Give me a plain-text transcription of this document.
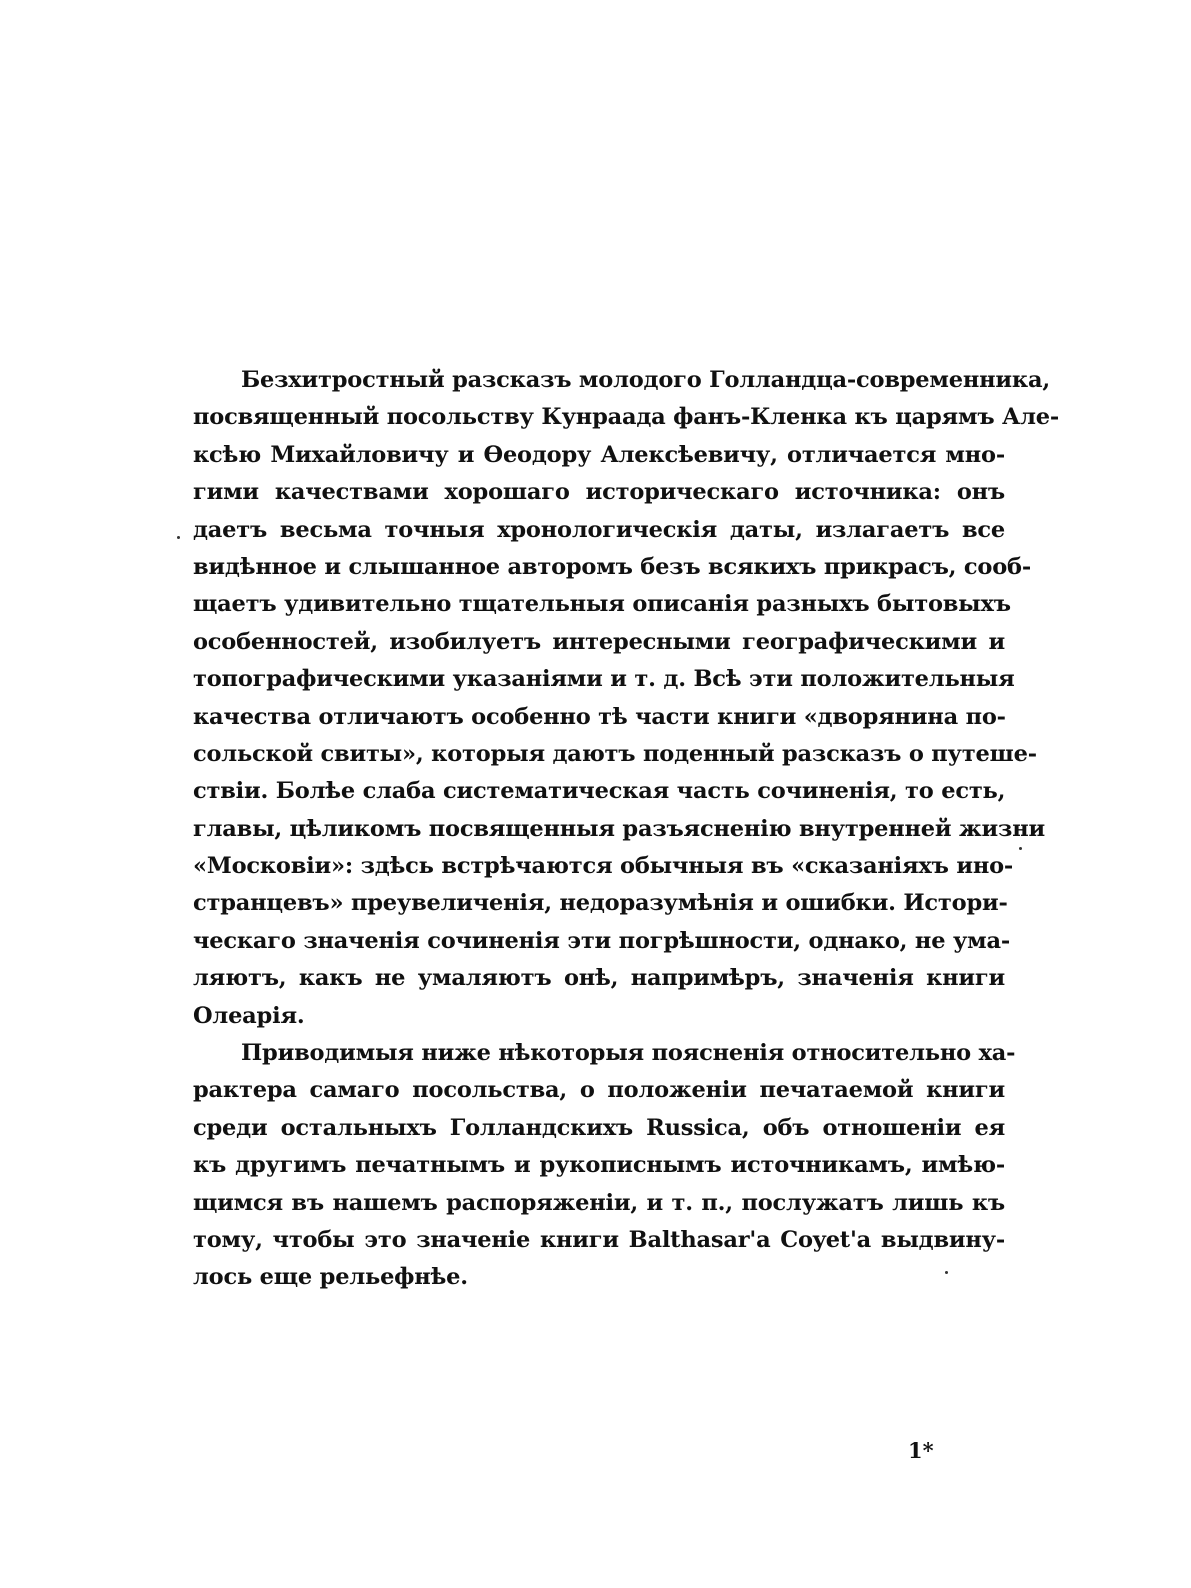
Безхитростный разсказъ молодого Голландца-современника,
посвященный посольству Кунраада фанъ-Кленка къ царямъ Але-
ксѣю Михайловичу и Ѳеодору Алексѣевичу, отличается мно-
гими качествами хорошаго историческаго источника: онъ
даетъ весьма точныя хронологическія даты, излагаетъ все
видѣнное и слышанное авторомъ безъ всякихъ прикрасъ, сооб-
щаетъ удивительно тщательныя описанія разныхъ бытовыхъ
особенностей, изобилуетъ интересными географическими и
топографическими указаніями и т. д. Всѣ эти положительныя
качества отличаютъ особенно тѣ части книги «дворянина по-
сольской свиты», которыя даютъ поденный разсказъ о путеше-
ствіи. Болѣе слаба систематическая часть сочиненія, то есть,
главы, цѣликомъ посвященныя разъясненію внутренней жизни
«Московіи»: здѣсь встрѣчаются обычныя въ «сказаніяхъ ино-
странцевъ» преувеличенія, недоразумѣнія и ошибки. Истори-
ческаго значенія сочиненія эти погрѣшности, однако, не ума-
ляютъ, какъ не умаляютъ онѣ, напримѣръ, значенія книги
Олеарія.
Приводимыя ниже нѣкоторыя поясненія относительно ха-
рактера самаго посольства, о положеніи печатаемой книги
среди остальныхъ Голландскихъ Russica, объ отношеніи ея
къ другимъ печатнымъ и рукописнымъ источникамъ, имѣю-
щимся въ нашемъ распоряженіи, и т. п., послужатъ лишь къ
тому, чтобы это значеніе книги Balthasar'a Coyet'a выдвину-
лось еще рельефнѣе.
1*
